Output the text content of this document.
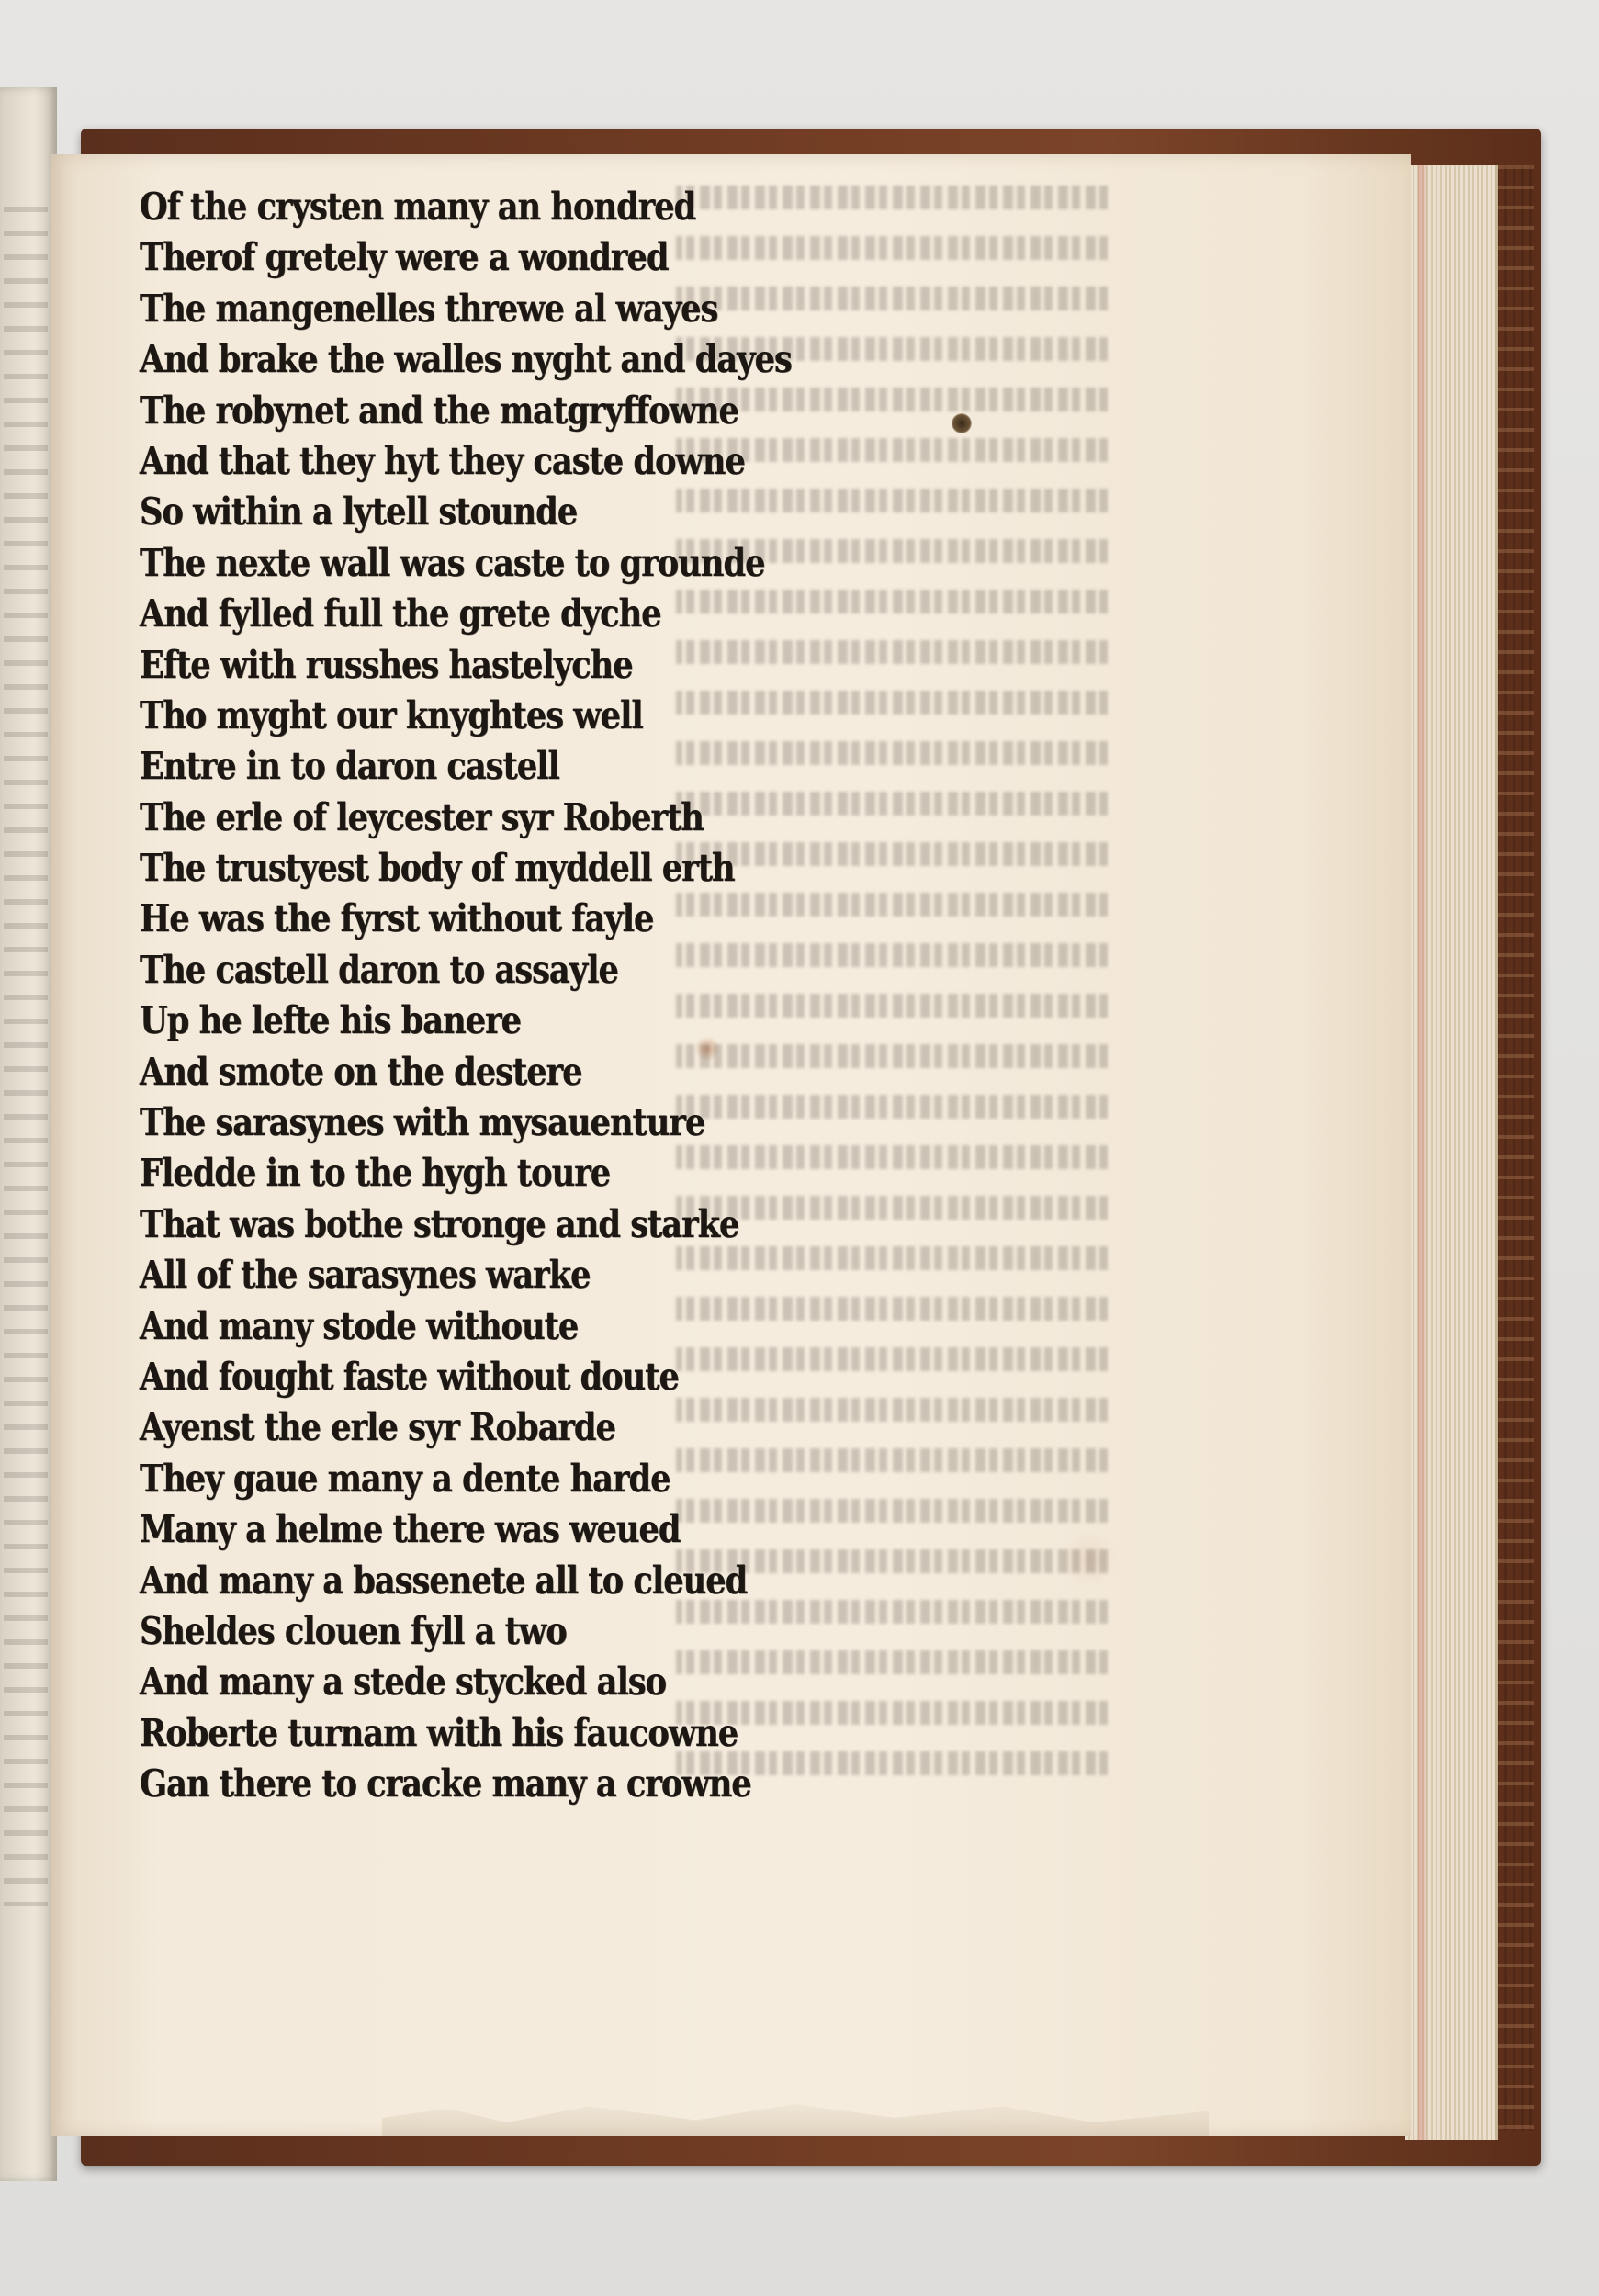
Of the crysten many an hondred
Therof gretely were a wondred
The mangenelles threwe al wayes
And brake the walles nyght and dayes
The robynet and the matgryffowne
And that they hyt they caste downe
So within a lytell stounde
The nexte wall was caste to grounde
And fylled full the grete dyche
Efte with russhes hastelyche
Tho myght our knyghtes well
Entre in to daron castell
The erle of leycester syr Roberth
The trustyest body of myddell erth
He was the fyrst without fayle
The castell daron to assayle
Up he lefte his banere
And smote on the destere
The sarasynes with mysauenture
Fledde in to the hygh toure
That was bothe stronge and starke
All of the sarasynes warke
And many stode withoute
And fought faste without doute
Ayenst the erle syr Robarde
They gaue many a dente harde
Many a helme there was weued
And many a bassenete all to cleued
Sheldes clouen fyll a two
And many a stede stycked also
Roberte turnam with his faucowne
Gan there to cracke many a crowne
